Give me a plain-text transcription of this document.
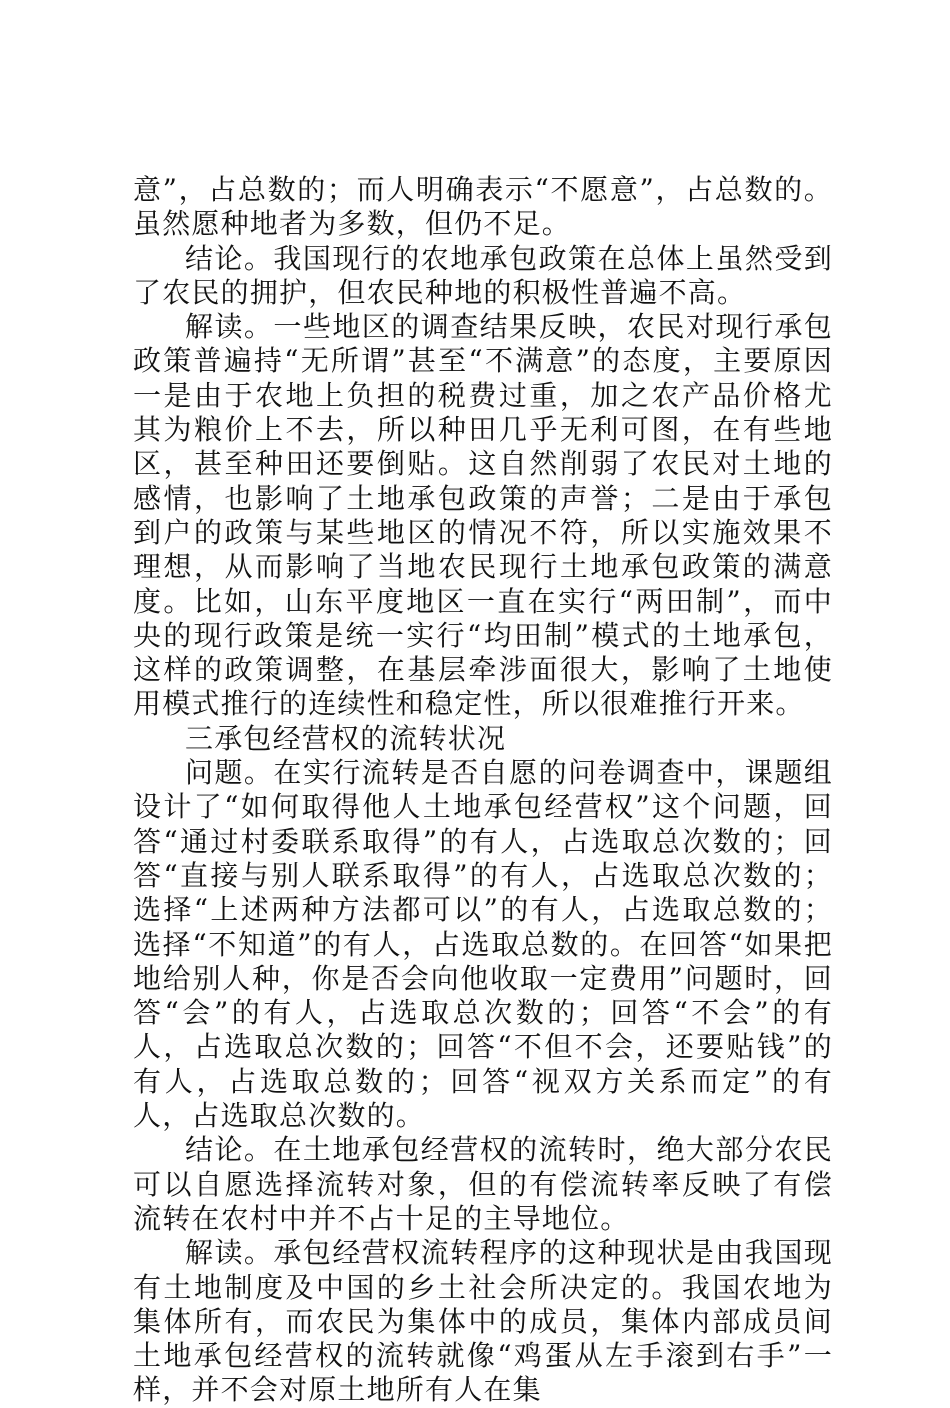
意”，占总数的；而人明确表示“不愿意”，占总数的。虽然愿种地者为多数，但仍不足。

结论。我国现行的农地承包政策在总体上虽然受到了农民的拥护，但农民种地的积极性普遍不高。

解读。一些地区的调查结果反映，农民对现行承包政策普遍持“无所谓”甚至“不满意”的态度，主要原因一是由于农地上负担的税费过重，加之农产品价格尤其为粮价上不去，所以种田几乎无利可图，在有些地区，甚至种田还要倒贴。这自然削弱了农民对土地的感情，也影响了土地承包政策的声誉；二是由于承包到户的政策与某些地区的情况不符，所以实施效果不理想，从而影响了当地农民现行土地承包政策的满意度。比如，山东平度地区一直在实行“两田制”，而中央的现行政策是统一实行“均田制”模式的土地承包，这样的政策调整，在基层牵涉面很大，影响了土地使用模式推行的连续性和稳定性，所以很难推行开来。

三承包经营权的流转状况

问题。在实行流转是否自愿的问卷调查中，课题组设计了“如何取得他人土地承包经营权”这个问题，回答“通过村委联系取得”的有人，占选取总次数的；回答“直接与别人联系取得”的有人，占选取总次数的；选择“上述两种方法都可以”的有人，占选取总数的；选择“不知道”的有人，占选取总数的。在回答“如果把地给别人种，你是否会向他收取一定费用”问题时，回答“会”的有人，占选取总次数的；回答“不会”的有人，占选取总次数的；回答“不但不会，还要贴钱”的有人，占选取总数的；回答“视双方关系而定”的有人，占选取总次数的。

结论。在土地承包经营权的流转时，绝大部分农民可以自愿选择流转对象，但的有偿流转率反映了有偿流转在农村中并不占十足的主导地位。

解读。承包经营权流转程序的这种现状是由我国现有土地制度及中国的乡土社会所决定的。我国农地为集体所有，而农民为集体中的成员，集体内部成员间土地承包经营权的流转就像“鸡蛋从左手滚到右手”一样，并不会对原土地所有人在集
